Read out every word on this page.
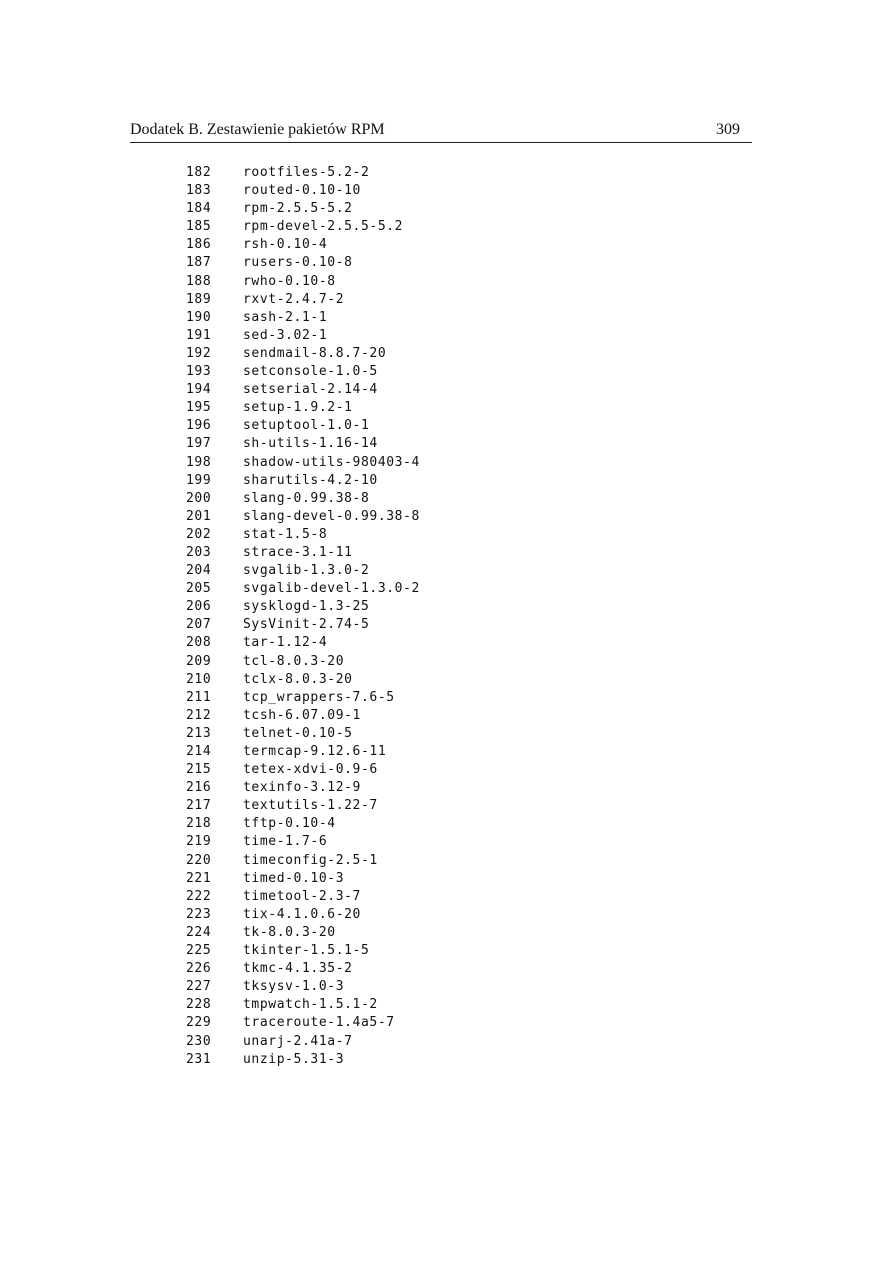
Dodatek B. Zestawienie pakietów RPM	309
182	rootfiles-5.2-2
183	routed-0.10-10
184	rpm-2.5.5-5.2
185	rpm-devel-2.5.5-5.2
186	rsh-0.10-4
187	rusers-0.10-8
188	rwho-0.10-8
189	rxvt-2.4.7-2
190	sash-2.1-1
191	sed-3.02-1
192	sendmail-8.8.7-20
193	setconsole-1.0-5
194	setserial-2.14-4
195	setup-1.9.2-1
196	setuptool-1.0-1
197	sh-utils-1.16-14
198	shadow-utils-980403-4
199	sharutils-4.2-10
200	slang-0.99.38-8
201	slang-devel-0.99.38-8
202	stat-1.5-8
203	strace-3.1-11
204	svgalib-1.3.0-2
205	svgalib-devel-1.3.0-2
206	sysklogd-1.3-25
207	SysVinit-2.74-5
208	tar-1.12-4
209	tcl-8.0.3-20
210	tclx-8.0.3-20
211	tcp_wrappers-7.6-5
212	tcsh-6.07.09-1
213	telnet-0.10-5
214	termcap-9.12.6-11
215	tetex-xdvi-0.9-6
216	texinfo-3.12-9
217	textutils-1.22-7
218	tftp-0.10-4
219	time-1.7-6
220	timeconfig-2.5-1
221	timed-0.10-3
222	timetool-2.3-7
223	tix-4.1.0.6-20
224	tk-8.0.3-20
225	tkinter-1.5.1-5
226	tkmc-4.1.35-2
227	tksysv-1.0-3
228	tmpwatch-1.5.1-2
229	traceroute-1.4a5-7
230	unarj-2.41a-7
231	unzip-5.31-3
